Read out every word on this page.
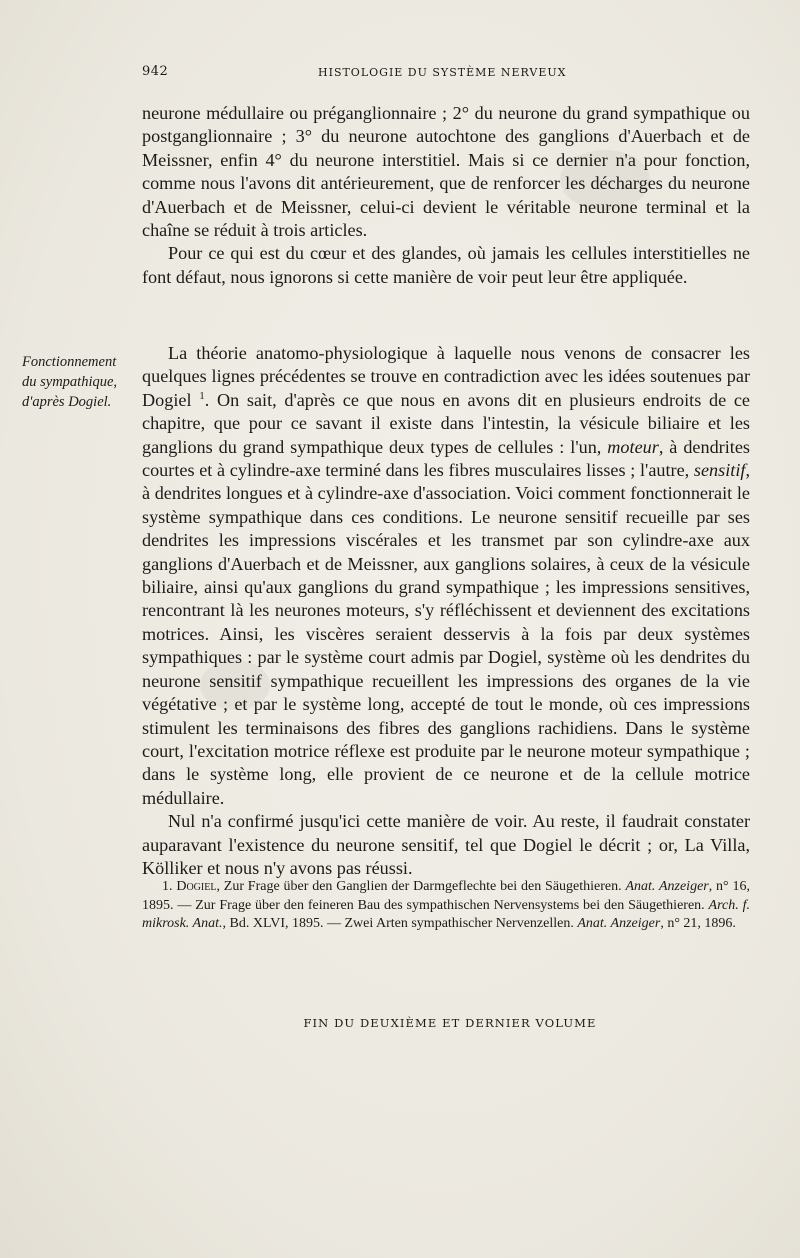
942	HISTOLOGIE DU SYSTÈME NERVEUX

neurone médullaire ou préganglionnaire ; 2° du neurone du grand sympathique ou postganglionnaire ; 3° du neurone autochtone des ganglions d'Auerbach et de Meissner, enfin 4° du neurone interstitiel. Mais si ce dernier n'a pour fonction, comme nous l'avons dit antérieurement, que de renforcer les décharges du neurone d'Auerbach et de Meissner, celui-ci devient le véritable neurone terminal et la chaîne se réduit à trois articles.

Pour ce qui est du cœur et des glandes, où jamais les cellules interstitielles ne font défaut, nous ignorons si cette manière de voir peut leur être appliquée.

Fonctionnement du sympathique, d'après Dogiel.

La théorie anatomo-physiologique à laquelle nous venons de consacrer les quelques lignes précédentes se trouve en contradiction avec les idées soutenues par Dogiel $^1$. On sait, d'après ce que nous en avons dit en plusieurs endroits de ce chapitre, que pour ce savant il existe dans l'intestin, la vésicule biliaire et les ganglions du grand sympathique deux types de cellules : l'un, moteur, à dendrites courtes et à cylindre-axe terminé dans les fibres musculaires lisses ; l'autre, sensitif, à dendrites longues et à cylindre-axe d'association. Voici comment fonctionnerait le système sympathique dans ces conditions. Le neurone sensitif recueille par ses dendrites les impressions viscérales et les transmet par son cylindre-axe aux ganglions d'Auerbach et de Meissner, aux ganglions solaires, à ceux de la vésicule biliaire, ainsi qu'aux ganglions du grand sympathique ; les impressions sensitives, rencontrant là les neurones moteurs, s'y réfléchissent et deviennent des excitations motrices. Ainsi, les viscères seraient desservis à la fois par deux systèmes sympathiques : par le système court admis par Dogiel, système où les dendrites du neurone sensitif sympathique recueillent les impressions des organes de la vie végétative ; et par le système long, accepté de tout le monde, où ces impressions stimulent les terminaisons des fibres des ganglions rachidiens. Dans le système court, l'excitation motrice réflexe est produite par le neurone moteur sympathique ; dans le système long, elle provient de ce neurone et de la cellule motrice médullaire.

Nul n'a confirmé jusqu'ici cette manière de voir. Au reste, il faudrait constater auparavant l'existence du neurone sensitif, tel que Dogiel le décrit ; or, La Villa, Kölliker et nous n'y avons pas réussi.

1. Dogiel, Zur Frage über den Ganglien der Darmgeflechte bei den Säugethieren. Anat. Anzeiger, n° 16, 1895. — Zur Frage über den feineren Bau des sympathischen Nervensystems bei den Säugethieren. Arch. f. mikrosk. Anat., Bd. XLVI, 1895. — Zwei Arten sympathischer Nervenzellen. Anat. Anzeiger, n° 21, 1896.

FIN DU DEUXIÈME ET DERNIER VOLUME
